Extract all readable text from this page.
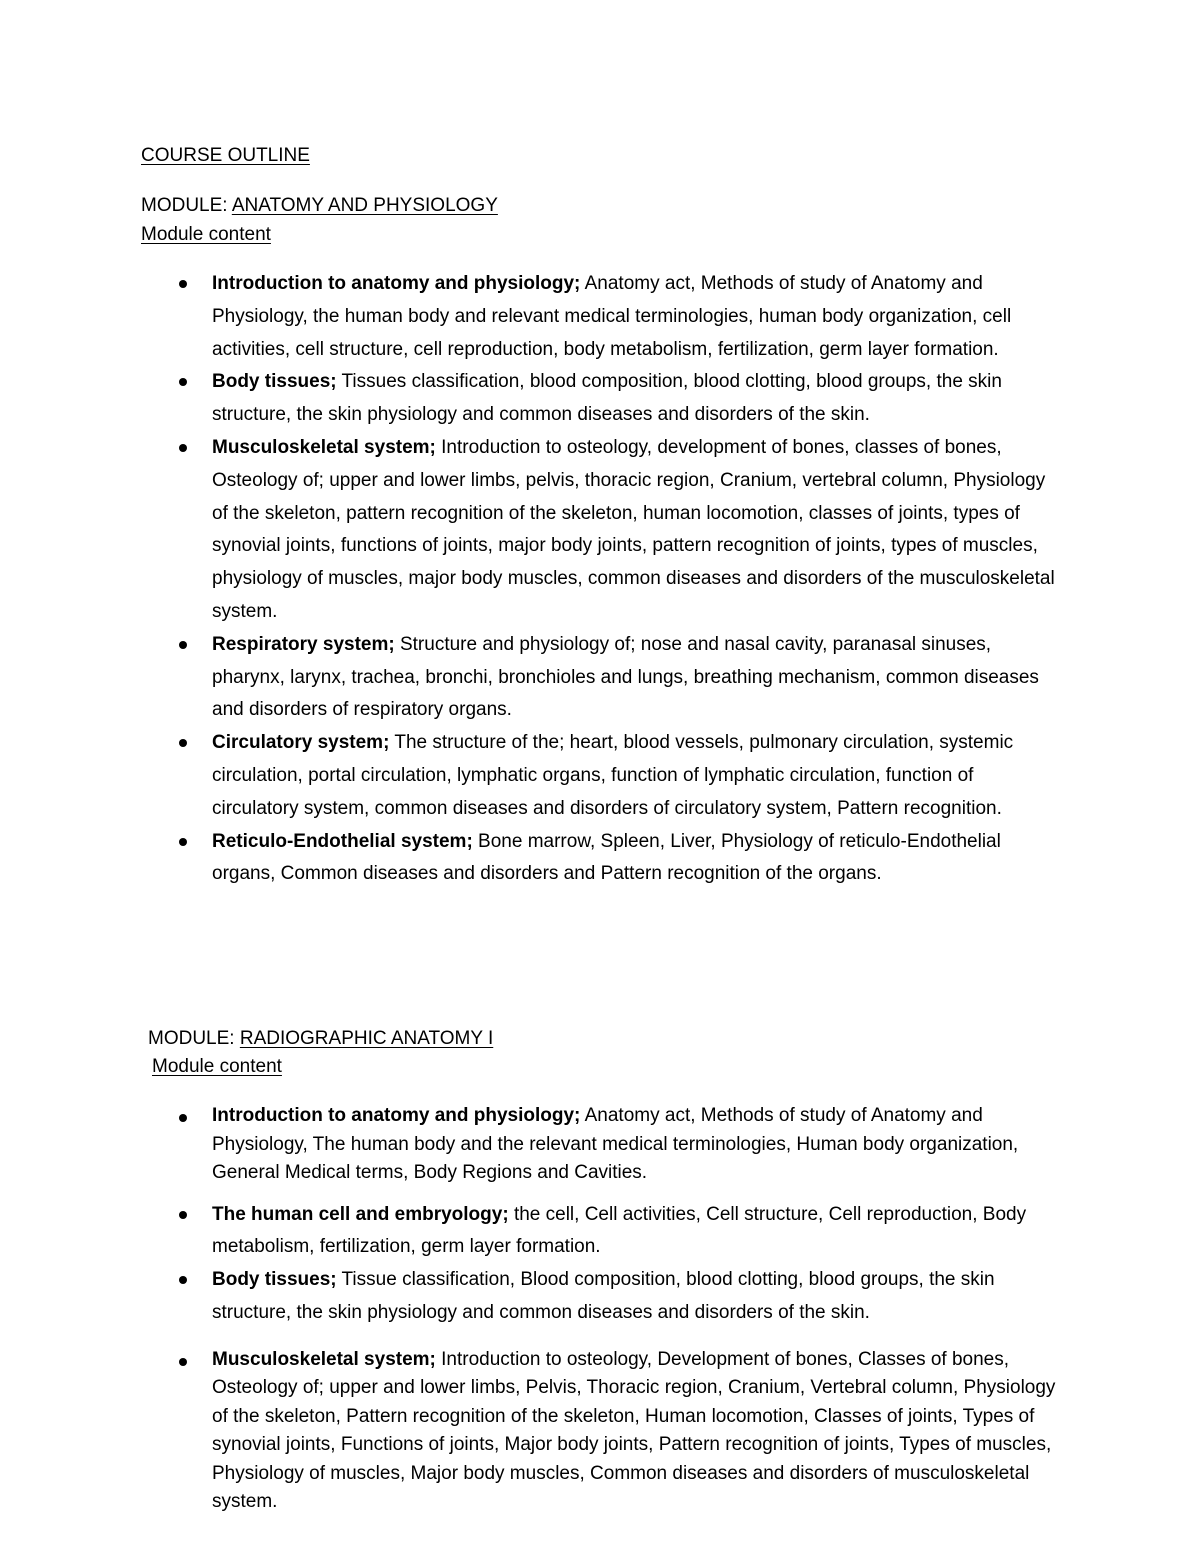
COURSE OUTLINE
MODULE: ANATOMY AND PHYSIOLOGY
Module content
Introduction to anatomy and physiology; Anatomy act, Methods of study of Anatomy and Physiology, the human body and relevant medical terminologies, human body organization, cell activities, cell structure, cell reproduction, body metabolism, fertilization, germ layer formation.
Body tissues; Tissues classification, blood composition, blood clotting, blood groups, the skin structure, the skin physiology and common diseases and disorders of the skin.
Musculoskeletal system; Introduction to osteology, development of bones, classes of bones, Osteology of; upper and lower limbs, pelvis, thoracic region, Cranium, vertebral column, Physiology of the skeleton, pattern recognition of the skeleton, human locomotion, classes of joints, types of synovial joints, functions of joints, major body joints, pattern recognition of joints, types of muscles, physiology of muscles, major body muscles, common diseases and disorders of the musculoskeletal system.
Respiratory system; Structure and physiology of; nose and nasal cavity, paranasal sinuses, pharynx, larynx, trachea, bronchi, bronchioles and lungs, breathing mechanism, common diseases and disorders of respiratory organs.
Circulatory system; The structure of the; heart, blood vessels, pulmonary circulation, systemic circulation, portal circulation, lymphatic organs, function of lymphatic circulation, function of circulatory system, common diseases and disorders of circulatory system, Pattern recognition.
Reticulo-Endothelial system; Bone marrow, Spleen, Liver, Physiology of reticulo-Endothelial organs, Common diseases and disorders and Pattern recognition of the organs.
MODULE: RADIOGRAPHIC ANATOMY I
Module content
Introduction to anatomy and physiology; Anatomy act, Methods of study of Anatomy and Physiology, The human body and the relevant medical terminologies, Human body organization, General Medical terms, Body Regions and Cavities.
The human cell and embryology; the cell, Cell activities, Cell structure, Cell reproduction, Body metabolism, fertilization, germ layer formation.
Body tissues; Tissue classification, Blood composition, blood clotting, blood groups, the skin structure, the skin physiology and common diseases and disorders of the skin.
Musculoskeletal system; Introduction to osteology, Development of bones, Classes of bones, Osteology of; upper and lower limbs, Pelvis, Thoracic region, Cranium, Vertebral column, Physiology of the skeleton, Pattern recognition of the skeleton, Human locomotion, Classes of joints, Types of synovial joints, Functions of joints, Major body joints, Pattern recognition of joints, Types of muscles, Physiology of muscles, Major body muscles, Common diseases and disorders of musculoskeletal system.
